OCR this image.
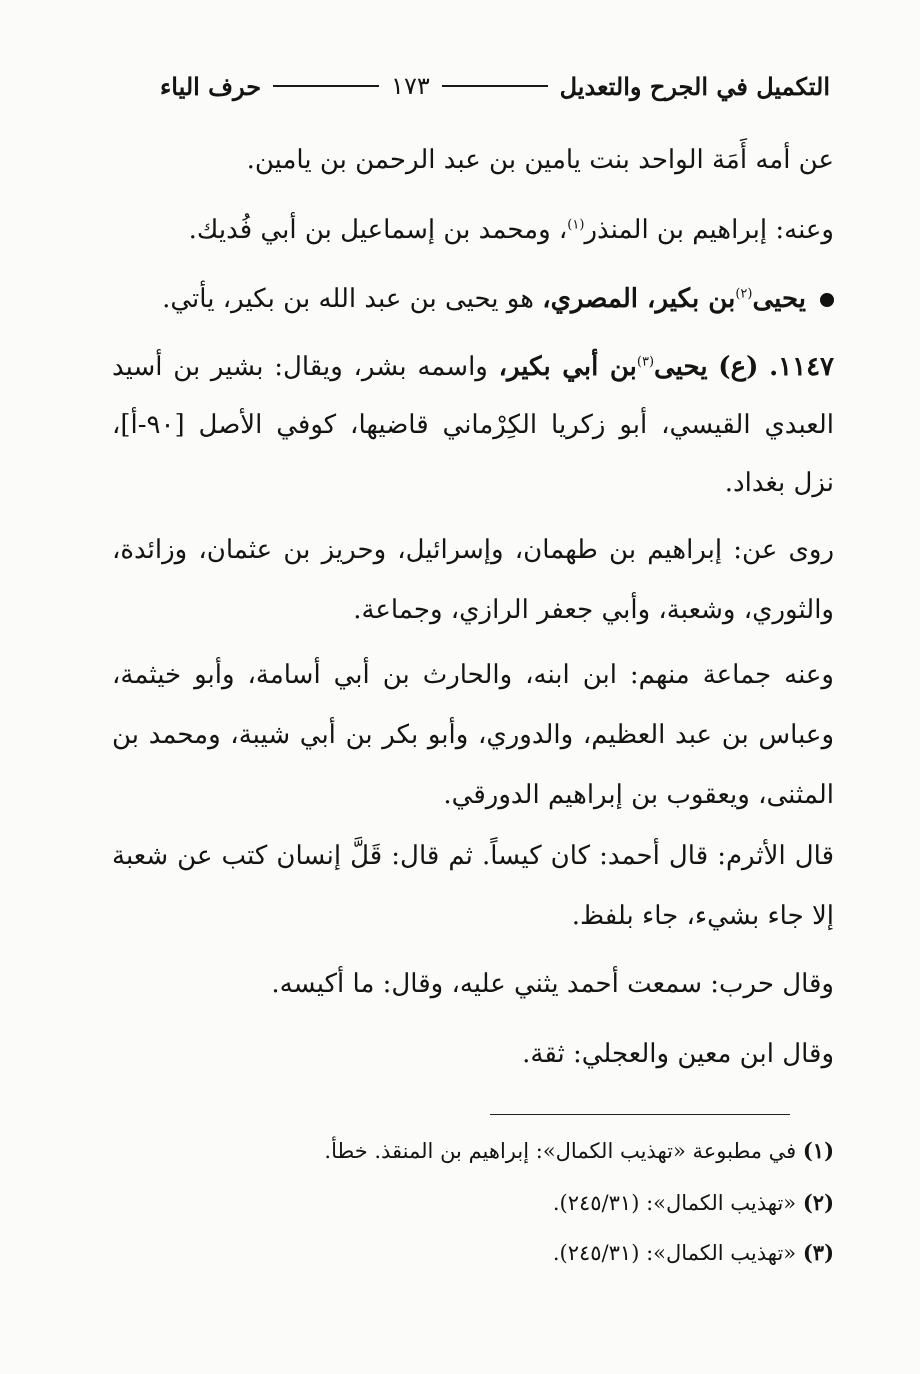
التكميل في الجرح والتعديل
١٧٣
حرف الياء
عن أمه أَمَة الواحد بنت يامين بن عبد الرحمن بن يامين.
وعنه: إبراهيم بن المنذر$^{(١)}$، ومحمد بن إسماعيل بن أبي فُديك.
يحيى$^{(٢)}$بن بكير، المصري، هو يحيى بن عبد الله بن بكير، يأتي.
١١٤٧. (ع) يحيى$^{(٣)}$بن أبي بكير، واسمه بشر، ويقال: بشير بن أسيد العبدي القيسي، أبو زكريا الكِرْماني قاضيها، كوفي الأصل [٩٠-أ]، نزل بغداد.
روى عن: إبراهيم بن طهمان، وإسرائيل، وحريز بن عثمان، وزائدة، والثوري، وشعبة، وأبي جعفر الرازي، وجماعة.
وعنه جماعة منهم: ابن ابنه، والحارث بن أبي أسامة، وأبو خيثمة، وعباس بن عبد العظيم، والدوري، وأبو بكر بن أبي شيبة، ومحمد بن المثنى، ويعقوب بن إبراهيم الدورقي.
قال الأثرم: قال أحمد: كان كيساً. ثم قال: قَلَّ إنسان كتب عن شعبة إلا جاء بشيء، جاء بلفظ.
وقال حرب: سمعت أحمد يثني عليه، وقال: ما أكيسه.
وقال ابن معين والعجلي: ثقة.
(١) في مطبوعة «تهذيب الكمال»: إبراهيم بن المنقذ. خطأ.
(٢) «تهذيب الكمال»: (٢٤٥/٣١).
(٣) «تهذيب الكمال»: (٢٤٥/٣١).
